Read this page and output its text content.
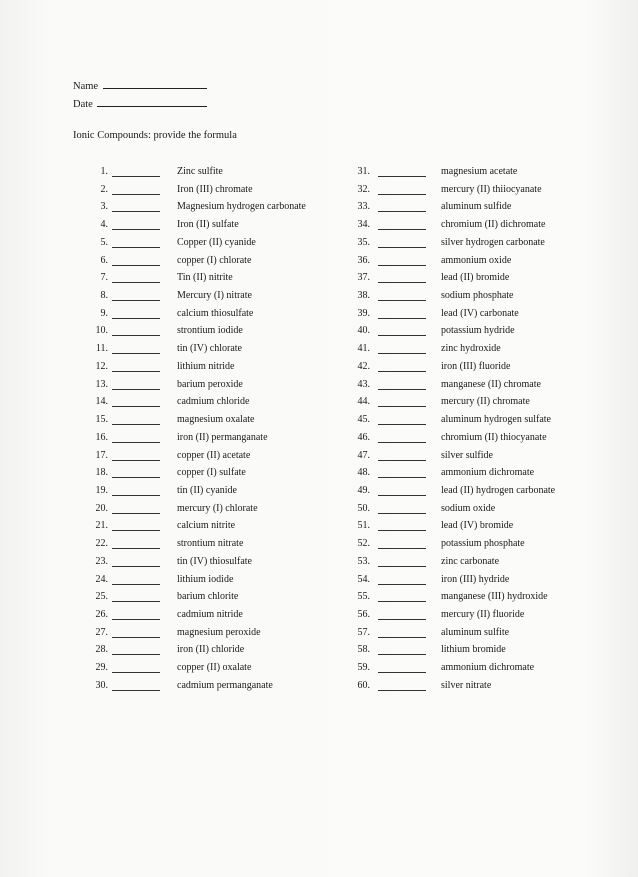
Name
Date
Ionic Compounds: provide the formula
1.	Zinc sulfite
2.	Iron (III) chromate
3.	Magnesium hydrogen carbonate
4.	Iron (II) sulfate
5.	Copper (II) cyanide
6.	copper (I) chlorate
7.	Tin (II) nitrite
8.	Mercury (I) nitrate
9.	calcium thiosulfate
10.	strontium iodide
11.	tin (IV) chlorate
12.	lithium nitride
13.	barium peroxide
14.	cadmium chloride
15.	magnesium oxalate
16.	iron (II) permanganate
17.	copper (II) acetate
18.	copper (I) sulfate
19.	tin (II) cyanide
20.	mercury (I) chlorate
21.	calcium nitrite
22.	strontium nitrate
23.	tin (IV) thiosulfate
24.	lithium iodide
25.	barium chlorite
26.	cadmium nitride
27.	magnesium peroxide
28.	iron (II) chloride
29.	copper (II) oxalate
30.	cadmium permanganate
31.	magnesium acetate
32.	mercury (II) thiiocyanate
33.	aluminum sulfide
34.	chromium (II) dichromate
35.	silver hydrogen carbonate
36.	ammonium oxide
37.	lead (II) bromide
38.	sodium phosphate
39.	lead (IV) carbonate
40.	potassium hydride
41.	zinc hydroxide
42.	iron (III) fluoride
43.	manganese (II) chromate
44.	mercury (II) chromate
45.	aluminum hydrogen sulfate
46.	chromium (II) thiocyanate
47.	silver sulfide
48.	ammonium dichromate
49.	lead (II) hydrogen carbonate
50.	sodium oxide
51.	lead (IV) bromide
52.	potassium phosphate
53.	zinc carbonate
54.	iron (III) hydride
55.	manganese (III) hydroxide
56.	mercury (II) fluoride
57.	aluminum sulfite
58.	lithium bromide
59.	ammonium dichromate
60.	silver nitrate
